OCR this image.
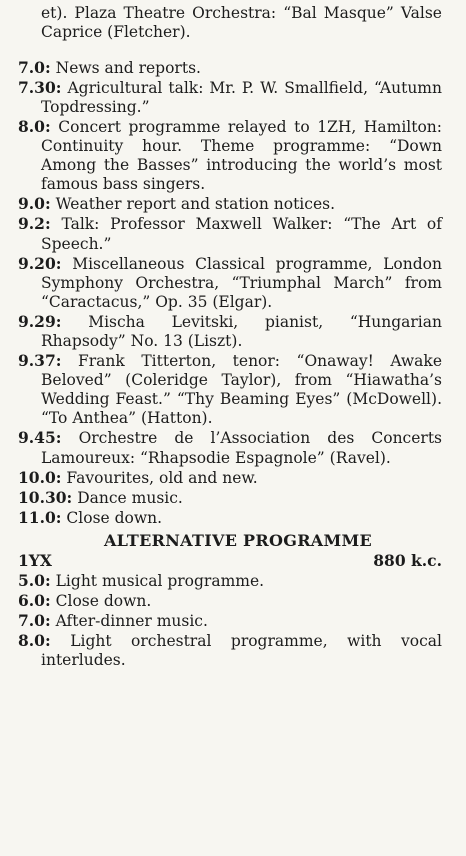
et). Plaza Theatre Orchestra: “Bal Masque” Valse Caprice (Fletcher).

7.0: News and reports.

7.30: Agricultural talk: Mr. P. W. Smallfield, “Autumn Topdressing.”

8.0: Concert programme relayed to 1ZH, Hamilton: Continuity hour. Theme programme: “Down Among the Basses” introducing the world’s most famous bass singers.

9.0: Weather report and station notices.

9.2: Talk: Professor Maxwell Walker: “The Art of Speech.”

9.20: Miscellaneous Classical programme, London Symphony Orchestra, “Triumphal March” from “Caractacus,” Op. 35 (Elgar).

9.29: Mischa Levitski, pianist, “Hungarian Rhapsody” No. 13 (Liszt).

9.37: Frank Titterton, tenor: “Onaway! Awake Beloved” (Coleridge Taylor), from “Hiawatha’s Wedding Feast.” “Thy Beaming Eyes” (McDowell). “To Anthea” (Hatton).

9.45: Orchestre de l’Association des Concerts Lamoureux: “Rhapsodie Espagnole” (Ravel).

10.0: Favourites, old and new.

10.30: Dance music.

11.0: Close down.

ALTERNATIVE PROGRAMME
1YX	880 k.c.

5.0: Light musical programme.

6.0: Close down.

7.0: After-dinner music.

8.0: Light orchestral programme, with vocal interludes.
